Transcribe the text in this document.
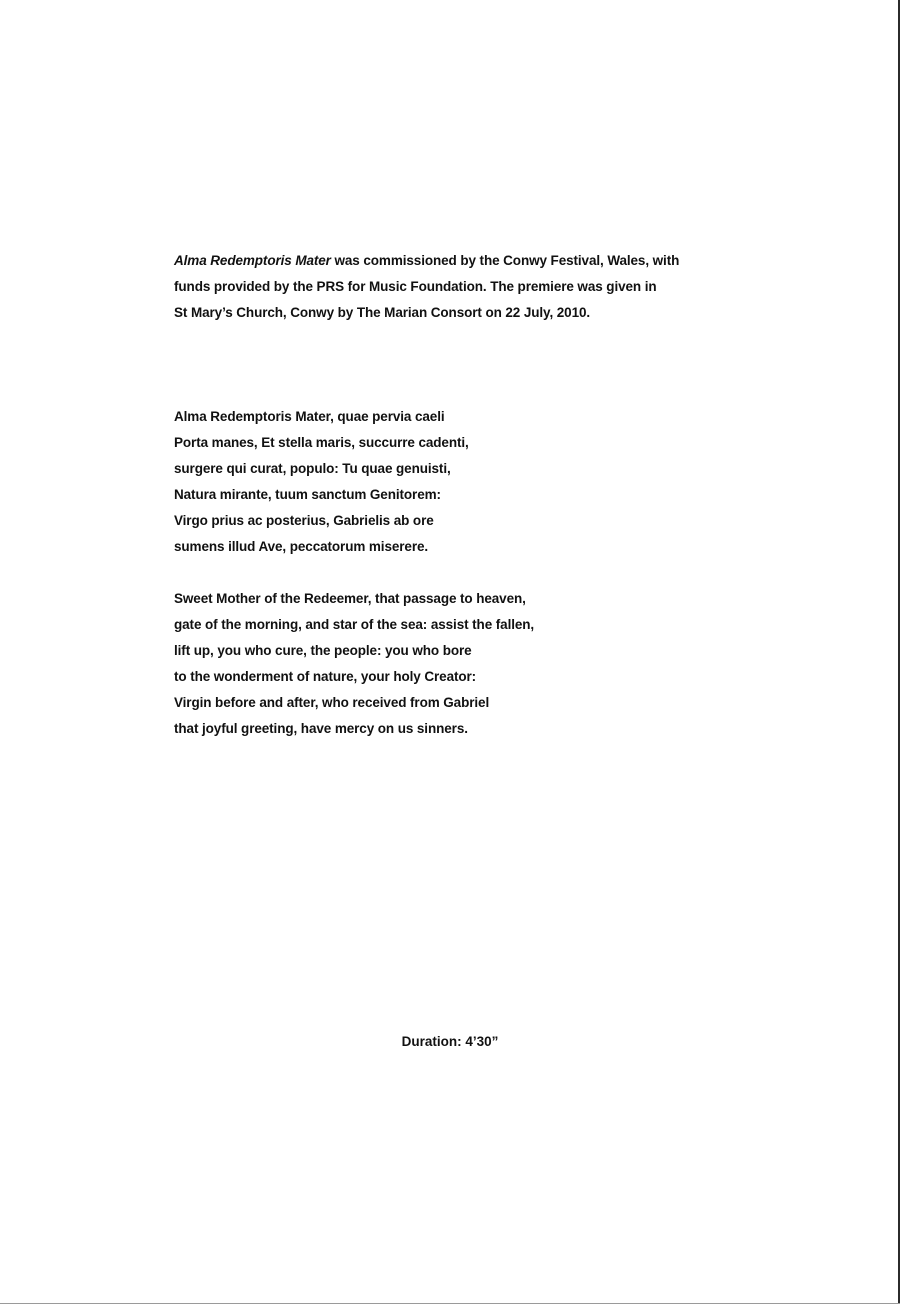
Alma Redemptoris Mater was commissioned by the Conwy Festival, Wales, with
funds provided by the PRS for Music Foundation. The premiere was given in
St Mary’s Church, Conwy by The Marian Consort on 22 July, 2010.
Alma Redemptoris Mater, quae pervia caeli
Porta manes, Et stella maris, succurre cadenti,
surgere qui curat, populo: Tu quae genuisti,
Natura mirante, tuum sanctum Genitorem:
Virgo prius ac posterius, Gabrielis ab ore
sumens illud Ave, peccatorum miserere.
Sweet Mother of the Redeemer, that passage to heaven,
gate of the morning, and star of the sea: assist the fallen,
lift up, you who cure, the people: you who bore
to the wonderment of nature, your holy Creator:
Virgin before and after, who received from Gabriel
that joyful greeting, have mercy on us sinners.
Duration: 4’30”
